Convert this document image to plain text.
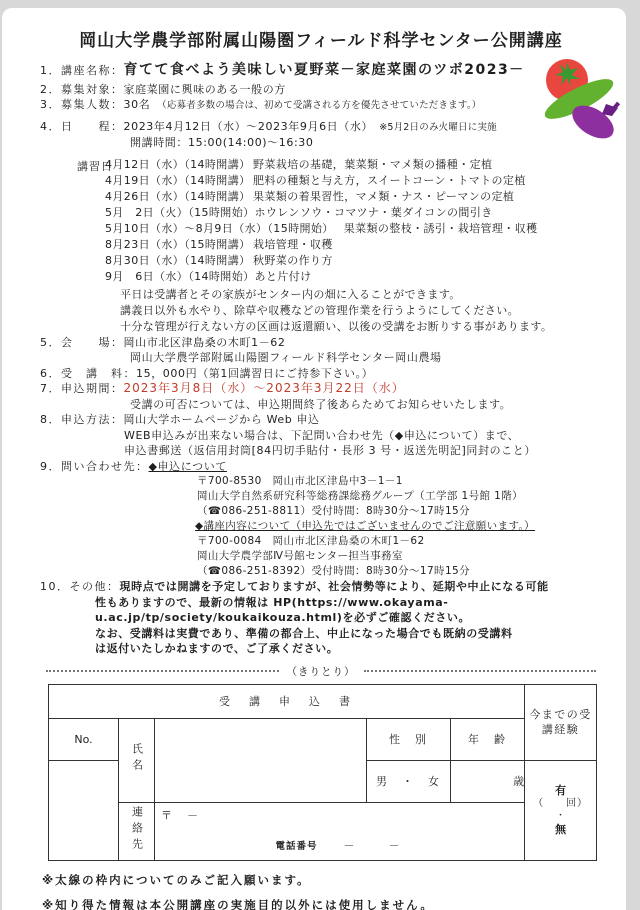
岡山大学農学部附属山陽圏フィールド科学センター公開講座
1．講座名称：育てて食べよう美味しい夏野菜－家庭菜園のツボ2023－
2．募集対象：家庭菜園に興味のある一般の方
3．募集人数：30名　 （応募者多数の場合は、初めて受講される方を優先させていただきます。）
4．日　　程：2023年4月12日（水）～2023年9月6日（水）　 ※5月2日のみ火曜日に実施
開講時間：15:00(14:00)～16:30
講習日
4月12日（水）（14時開講） 野菜栽培の基礎，葉菜類・マメ類の播種・定植
4月19日（水）（14時開講） 肥料の種類と与え方，スイートコーン・トマトの定植
4月26日（水）（14時開講） 果菜類の着果習性，マメ類・ナス・ピーマンの定植
5月　2日（火）（15時開始） ホウレンソウ・コマツナ・葉ダイコンの間引き
5月10日（水）～8月9日（水）（15時開始） 果菜類の整枝・誘引・栽培管理・収穫
8月23日（水）（15時開講） 栽培管理・収穫
8月30日（水）（14時開講） 秋野菜の作り方
9月　6日（水）（14時開始） あと片付け
平日は受講者とその家族がセンター内の畑に入ることができます。
講義日以外も水やり、除草や収穫などの管理作業を行うようにしてください。
十分な管理が行えない方の区画は返還願い、以後の受講をお断りする事があります。
5．会　　場：岡山市北区津島桑の木町1－62
岡山大学農学部附属山陽圏フィールド科学センター岡山農場
6．受　講　料：15，000円（第1回講習日にご持参下さい。）
7．申込期間：2023年3月8日（水）～2023年3月22日（水）
受講の可否については、申込期間終了後あらためてお知らせいたします。
8．申込方法：岡山大学ホームページから Web 申込
WEB申込みが出来ない場合は、下記問い合わせ先（◆申込について）まで、
申込書郵送（返信用封筒[84円切手貼付・長形 3 号・返送先明記]同封のこと）
9．問い合わせ先：◆申込について
〒700-8530　岡山市北区津島中3－1－1
岡山大学自然系研究科等総務課総務グループ（工学部 1号館 1階）
（☎086-251-8811）受付時間：8時30分～17時15分
◆講座内容について（申込先ではございませんのでご注意願います。）
〒700-0084　岡山市北区津島桑の木町1－62
岡山大学農学部Ⅳ号館センター担当事務室
（☎086-251-8392）受付時間：8時30分～17時15分
10．その他：現時点では開講を予定しておりますが、社会情勢等により、延期や中止になる可能
性もありますので、最新の情報は HP(https://www.okayama-
u.ac.jp/tp/society/koukaikouza.html)を必ずご確認ください。
なお、受講料は実費であり、準備の都合上、中止になった場合でも既納の受講料
は返付いたしかねますので、ご了承ください。
（きりとり）
受　講　申　込　書					今までの受講経験
No.	氏名		性　別	年　齢	
			男　・　女	歳	有
（　　回）
・
無

	連絡先	〒　－
電話番号 －　　－			
※太線の枠内についてのみご記入願います。
※知り得た情報は本公開講座の実施目的以外には使用しません。
